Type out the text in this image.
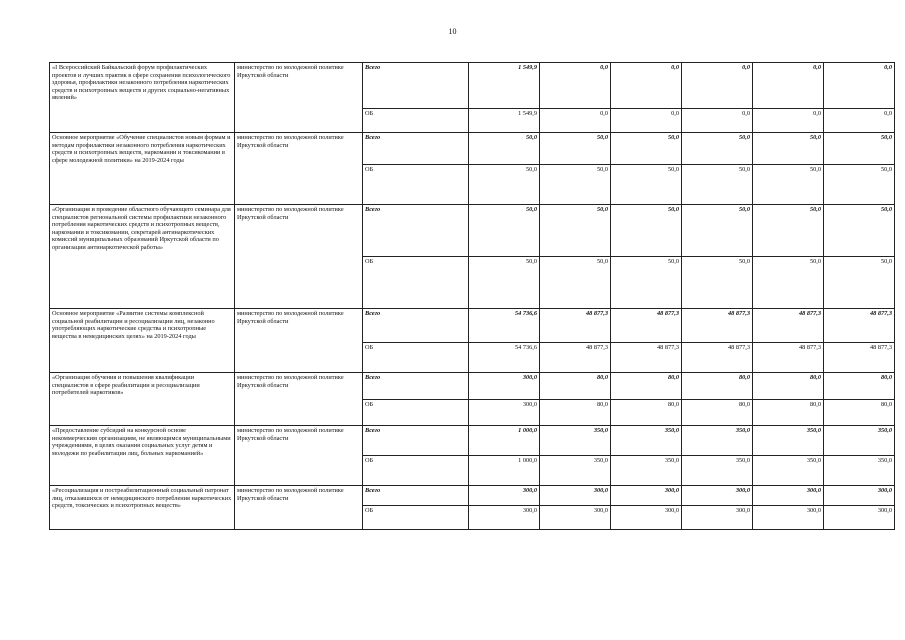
10
«I Всероссийский Байкальский форум профилактических проектов и лучших практик в сфере сохранения психологического здоровья, профилактики незаконного потребления наркотических средств и психотропных веществ и других социально-негативных явлений»	министерство по молодежной политике Иркутской области	Всего	1 549,9	0,0	0,0	0,0	0,0	0,0
		ОБ	1 549,9	0,0	0,0	0,0	0,0	0,0
Основное мероприятие «Обучение специалистов новым формам и методам профилактики незаконного потребления наркотических средств и психотропных веществ, наркомании и токсикомании в сфере молодежной политики» на 2019-2024 годы	министерство по молодежной политике Иркутской области	Всего	50,0	50,0	50,0	50,0	50,0	50,0
		ОБ	50,0	50,0	50,0	50,0	50,0	50,0
«Организация и проведение областного обучающего семинара для специалистов региональной системы профилактики незаконного потребления наркотических средств и психотропных веществ, наркомании и токсикомании, секретарей антинаркотических комиссий муниципальных образований Иркутской области по организации антинаркотической работы»	министерство по молодежной политике Иркутской области	Всего	50,0	50,0	50,0	50,0	50,0	50,0
		ОБ	50,0	50,0	50,0	50,0	50,0	50,0
Основное мероприятие «Развитие системы комплексной социальной реабилитации и ресоциализации лиц, незаконно употребляющих наркотические средства и психотропные вещества в немедицинских целях» на 2019-2024 годы	министерство по молодежной политике Иркутской области	Всего	54 736,6	48 877,3	48 877,3	48 877,3	48 877,3	48 877,3
		ОБ	54 736,6	48 877,3	48 877,3	48 877,3	48 877,3	48 877,3
«Организация обучения и повышения квалификации специалистов в сфере реабилитации и ресоциализации потребителей наркотиков»	министерство по молодежной политике Иркутской области	Всего	300,0	80,0	80,0	80,0	80,0	80,0
		ОБ	300,0	80,0	80,0	80,0	80,0	80,0
«Предоставление субсидий на конкурсной основе некоммерческим организациям, не являющимся муниципальными учреждениями, в целях оказания социальных услуг детям и молодежи по реабилитации лиц, больных наркоманией»	министерство по молодежной политике Иркутской области	Всего	1 000,0	350,0	350,0	350,0	350,0	350,0
		ОБ	1 000,0	350,0	350,0	350,0	350,0	350,0
«Ресоциализация и постреабилитационный социальный патронат лиц, отказавшихся от немедицинского потребления наркотических средств, токсических и психотропных веществ»	министерство по молодежной политике Иркутской области	Всего	300,0	300,0	300,0	300,0	300,0	300,0
		ОБ	300,0	300,0	300,0	300,0	300,0	300,0
